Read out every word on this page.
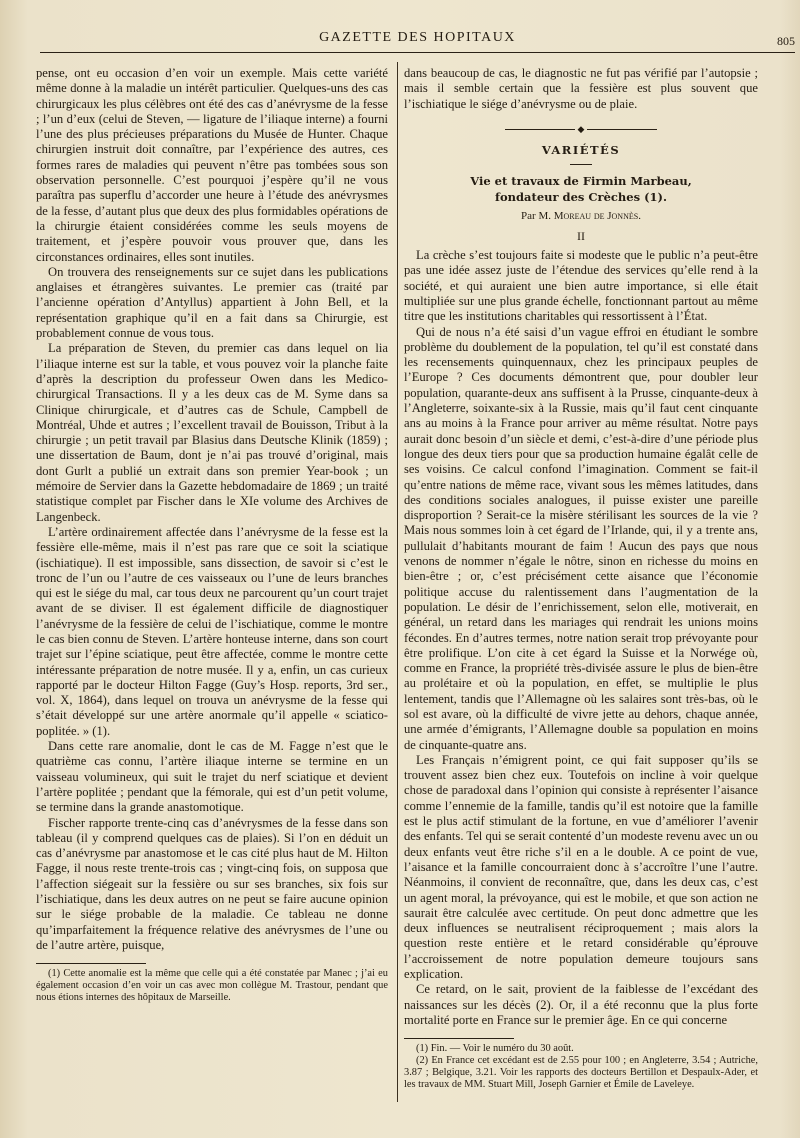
GAZETTE DES HOPITAUX	805

pense, ont eu occasion d’en voir un exemple. Mais cette variété même donne à la maladie un intérêt particulier. Quelques-uns des cas chirurgicaux les plus célèbres ont été des cas d’anévrysme de la fesse ; l’un d’eux (celui de Steven, — ligature de l’iliaque interne) a fourni l’une des plus précieuses préparations du Musée de Hunter. Chaque chirurgien instruit doit connaître, par l’expérience des autres, ces formes rares de maladies qui peuvent n’être pas tombées sous son observation personnelle. C’est pourquoi j’espère qu’il ne vous paraîtra pas superflu d’accorder une heure à l’étude des anévrysmes de la fesse, d’autant plus que deux des plus formidables opérations de la chirurgie étaient considérées comme les seuls moyens de traitement, et j’espère pouvoir vous prouver que, dans les circonstances ordinaires, elles sont inutiles.

On trouvera des renseignements sur ce sujet dans les publications anglaises et étrangères suivantes. Le premier cas (traité par l’ancienne opération d’Antyllus) appartient à John Bell, et la représentation graphique qu’il en a fait dans sa Chirurgie, est probablement connue de vous tous.

La préparation de Steven, du premier cas dans lequel on lia l’iliaque interne est sur la table, et vous pouvez voir la planche faite d’après la description du professeur Owen dans les Medico-chirurgical Transactions. Il y a les deux cas de M. Syme dans sa Clinique chirurgicale, et d’autres cas de Schule, Campbell de Montréal, Uhde et autres ; l’excellent travail de Bouisson, Tribut à la chirurgie ; un petit travail par Blasius dans Deutsche Klinik (1859) ; une dissertation de Baum, dont je n’ai pas trouvé d’original, mais dont Gurlt a publié un extrait dans son premier Year-book ; un mémoire de Servier dans la Gazette hebdomadaire de 1869 ; un traité statistique complet par Fischer dans le XIe volume des Archives de Langenbeck.

L’artère ordinairement affectée dans l’anévrysme de la fesse est la fessière elle-même, mais il n’est pas rare que ce soit la sciatique (ischiatique). Il est impossible, sans dissection, de savoir si c’est le tronc de l’un ou l’autre de ces vaisseaux ou l’une de leurs branches qui est le siége du mal, car tous deux ne parcourent qu’un court trajet avant de se diviser. Il est également difficile de diagnostiquer l’anévrysme de la fessière de celui de l’ischiatique, comme le montre le cas bien connu de Steven. L’artère honteuse interne, dans son court trajet sur l’épine sciatique, peut être affectée, comme le montre cette intéressante préparation de notre musée. Il y a, enfin, un cas curieux rapporté par le docteur Hilton Fagge (Guy’s Hosp. reports, 3rd ser., vol. X, 1864), dans lequel on trouva un anévrysme de la fesse qui s’était développé sur une artère anormale qu’il appelle « sciatico-poplitée. » (1).

Dans cette rare anomalie, dont le cas de M. Fagge n’est que le quatrième cas connu, l’artère iliaque interne se termine en un vaisseau volumineux, qui suit le trajet du nerf sciatique et devient l’artère poplitée ; pendant que la fémorale, qui est d’un petit volume, se termine dans la grande anastomotique.

Fischer rapporte trente-cinq cas d’anévrysmes de la fesse dans son tableau (il y comprend quelques cas de plaies). Si l’on en déduit un cas d’anévrysme par anastomose et le cas cité plus haut de M. Hilton Fagge, il nous reste trente-trois cas ; vingt-cinq fois, on supposa que l’affection siégeait sur la fessière ou sur ses branches, six fois sur l’ischiatique, dans les deux autres on ne peut se faire aucune opinion sur le siége probable de la maladie. Ce tableau ne donne qu’imparfaitement la fréquence relative des anévrysmes de l’une ou de l’autre artère, puisque,

(1) Cette anomalie est la même que celle qui a été constatée par Manec ; j’ai eu également occasion d’en voir un cas avec mon collègue M. Trastour, pendant que nous étions internes des hôpitaux de Marseille.

dans beaucoup de cas, le diagnostic ne fut pas vérifié par l’autopsie ; mais il semble certain que la fessière est plus souvent que l’ischiatique le siége d’anévrysme ou de plaie.

◆
VARIÉTÉS
Vie et travaux de Firmin Marbeau,
fondateur des Crèches (1).
Par M. Moreau de Jonnès.
II

La crèche s’est toujours faite si modeste que le public n’a peut-être pas une idée assez juste de l’étendue des services qu’elle rend à la société, et qui auraient une bien autre importance, si elle était multipliée sur une plus grande échelle, fonctionnant partout au même titre que les institutions charitables qui ressortissent à l’État.

Qui de nous n’a été saisi d’un vague effroi en étudiant le sombre problème du doublement de la population, tel qu’il est constaté dans les recensements quinquennaux, chez les principaux peuples de l’Europe ? Ces documents démontrent que, pour doubler leur population, quarante-deux ans suffisent à la Prusse, cinquante-deux à l’Angleterre, soixante-six à la Russie, mais qu’il faut cent cinquante ans au moins à la France pour arriver au même résultat. Notre pays aurait donc besoin d’un siècle et demi, c’est-à-dire d’une période plus longue des deux tiers pour que sa production humaine égalât celle de ses voisins. Ce calcul confond l’imagination. Comment se fait-il qu’entre nations de même race, vivant sous les mêmes latitudes, dans des conditions sociales analogues, il puisse exister une pareille disproportion ? Serait-ce la misère stérilisant les sources de la vie ? Mais nous sommes loin à cet égard de l’Irlande, qui, il y a trente ans, pullulait d’habitants mourant de faim ! Aucun des pays que nous venons de nommer n’égale le nôtre, sinon en richesse du moins en bien-être ; or, c’est précisément cette aisance que l’économie politique accuse du ralentissement dans l’augmentation de la population. Le désir de l’enrichissement, selon elle, motiverait, en général, un retard dans les mariages qui rendrait les unions moins fécondes. En d’autres termes, notre nation serait trop prévoyante pour être prolifique. L’on cite à cet égard la Suisse et la Norwége où, comme en France, la propriété très-divisée assure le plus de bien-être au prolétaire et où la population, en effet, se multiplie le plus lentement, tandis que l’Allemagne où les salaires sont très-bas, où le sol est avare, où la difficulté de vivre jette au dehors, chaque année, une armée d’émigrants, l’Allemagne double sa population en moins de cinquante-quatre ans.

Les Français n’émigrent point, ce qui fait supposer qu’ils se trouvent assez bien chez eux. Toutefois on incline à voir quelque chose de paradoxal dans l’opinion qui consiste à représenter l’aisance comme l’ennemie de la famille, tandis qu’il est notoire que la famille est le plus actif stimulant de la fortune, en vue d’améliorer l’avenir des enfants. Tel qui se serait contenté d’un modeste revenu avec un ou deux enfants veut être riche s’il en a le double. A ce point de vue, l’aisance et la famille concourraient donc à s’accroître l’une l’autre. Néanmoins, il convient de reconnaître, que, dans les deux cas, c’est un agent moral, la prévoyance, qui est le mobile, et que son action ne saurait être calculée avec certitude. On peut donc admettre que les deux influences se neutralisent réciproquement ; mais alors la question reste entière et le retard considérable qu’éprouve l’accroissement de notre population demeure toujours sans explication.

Ce retard, on le sait, provient de la faiblesse de l’excédant des naissances sur les décès (2). Or, il a été reconnu que la plus forte mortalité porte en France sur le premier âge. En ce qui concerne

(1) Fin. — Voir le numéro du 30 août.

(2) En France cet excédant est de 2.55 pour 100 ; en Angleterre, 3.54 ; Autriche, 3.87 ; Belgique, 3.21. Voir les rapports des docteurs Bertillon et Despaulx-Ader, et les travaux de MM. Stuart Mill, Joseph Garnier et Émile de Laveleye.
